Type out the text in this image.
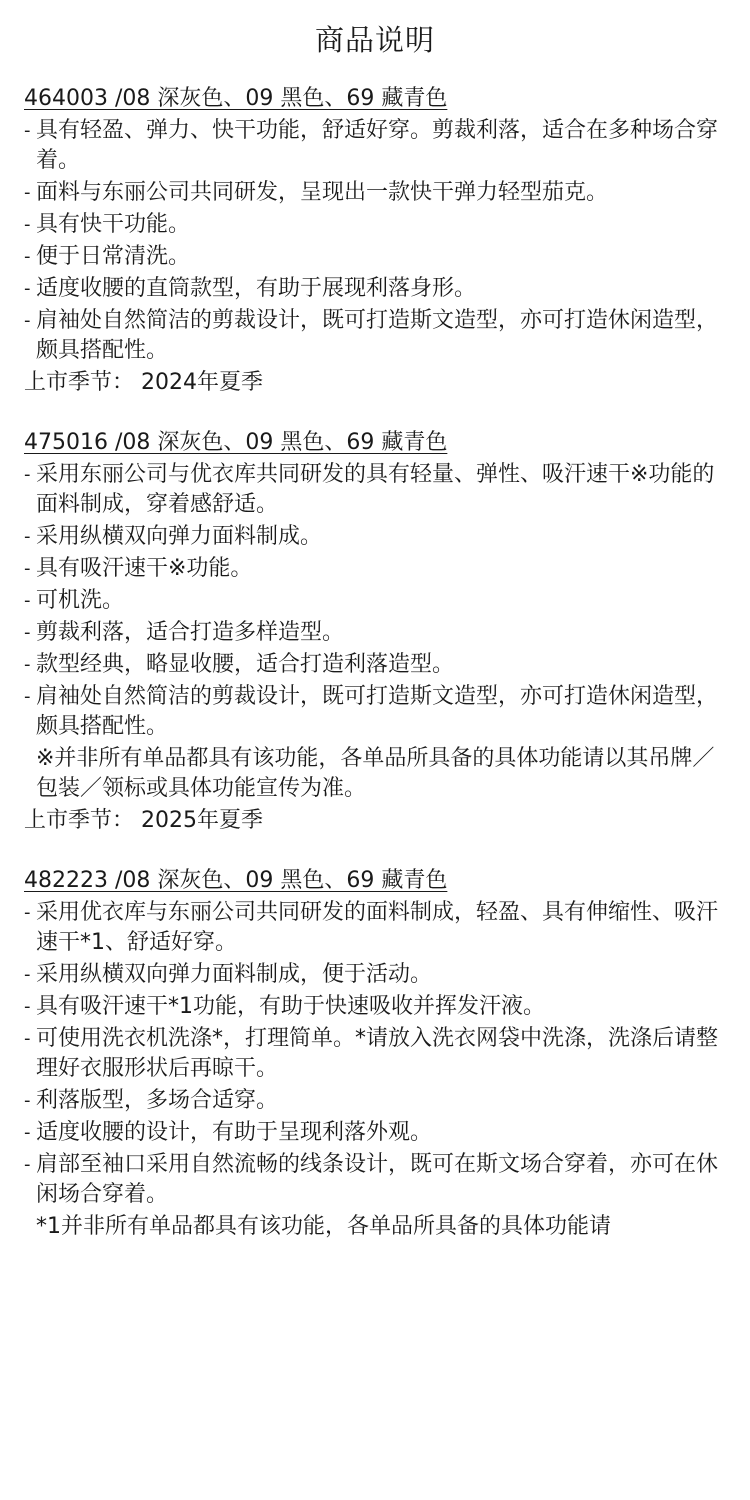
商品说明
464003 /08 深灰色、09 黑色、69 藏青色
- 具有轻盈、弹力、快干功能，舒适好穿。剪裁利落，适合在多种场合穿着。
- 面料与东丽公司共同研发，呈现出一款快干弹力轻型茄克。
- 具有快干功能。
- 便于日常清洗。
- 适度收腰的直筒款型，有助于展现利落身形。
- 肩袖处自然简洁的剪裁设计，既可打造斯文造型，亦可打造休闲造型，颇具搭配性。
上市季节： 2024年夏季
475016 /08 深灰色、09 黑色、69 藏青色
- 采用东丽公司与优衣库共同研发的具有轻量、弹性、吸汗速干※功能的面料制成，穿着感舒适。
- 采用纵横双向弹力面料制成。
- 具有吸汗速干※功能。
- 可机洗。
- 剪裁利落，适合打造多样造型。
- 款型经典，略显收腰，适合打造利落造型。
- 肩袖处自然简洁的剪裁设计，既可打造斯文造型，亦可打造休闲造型，颇具搭配性。
※并非所有单品都具有该功能，各单品所具备的具体功能请以其吊牌／包装／领标或具体功能宣传为准。
上市季节： 2025年夏季
482223 /08 深灰色、09 黑色、69 藏青色
- 采用优衣库与东丽公司共同研发的面料制成，轻盈、具有伸缩性、吸汗速干*1、舒适好穿。
- 采用纵横双向弹力面料制成，便于活动。
- 具有吸汗速干*1功能，有助于快速吸收并挥发汗液。
- 可使用洗衣机洗涤*，打理简单。*请放入洗衣网袋中洗涤，洗涤后请整理好衣服形状后再晾干。
- 利落版型，多场合适穿。
- 适度收腰的设计，有助于呈现利落外观。
- 肩部至袖口采用自然流畅的线条设计，既可在斯文场合穿着，亦可在休闲场合穿着。
*1并非所有单品都具有该功能，各单品所具备的具体功能请
